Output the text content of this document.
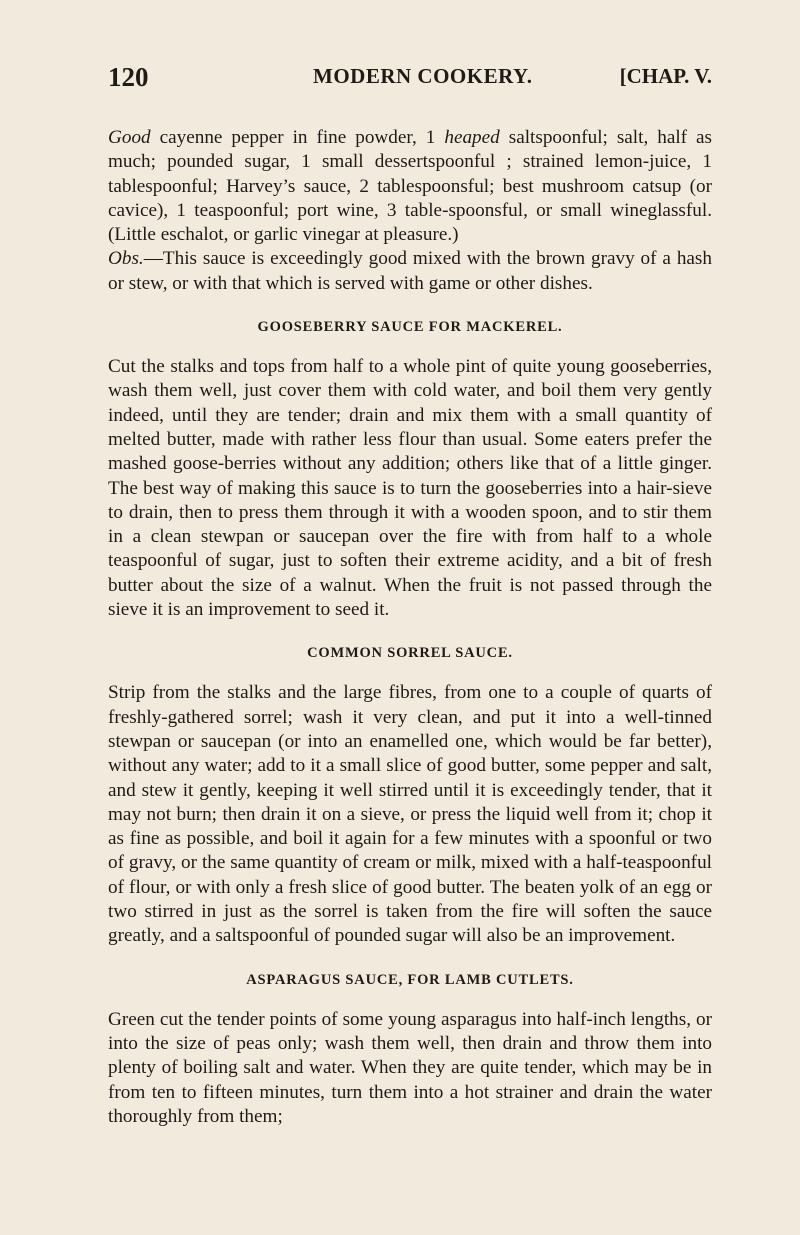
120	MODERN COOKERY.	[CHAP. V.

Good cayenne pepper in fine powder, 1 heaped saltspoonful; salt, half as much; pounded sugar, 1 small dessertspoonful ; strained lemon-juice, 1 tablespoonful; Harvey’s sauce, 2 tablespoonsful; best mushroom catsup (or cavice), 1 teaspoonful; port wine, 3 table-spoonsful, or small wineglassful. (Little eschalot, or garlic vinegar at pleasure.)

Obs.—This sauce is exceedingly good mixed with the brown gravy of a hash or stew, or with that which is served with game or other dishes.

GOOSEBERRY SAUCE FOR MACKEREL.

Cut the stalks and tops from half to a whole pint of quite young gooseberries, wash them well, just cover them with cold water, and boil them very gently indeed, until they are tender; drain and mix them with a small quantity of melted butter, made with rather less flour than usual. Some eaters prefer the mashed goose-berries without any addition; others like that of a little ginger. The best way of making this sauce is to turn the gooseberries into a hair-sieve to drain, then to press them through it with a wooden spoon, and to stir them in a clean stewpan or saucepan over the fire with from half to a whole teaspoonful of sugar, just to soften their extreme acidity, and a bit of fresh butter about the size of a walnut. When the fruit is not passed through the sieve it is an improvement to seed it.

COMMON SORREL SAUCE.

Strip from the stalks and the large fibres, from one to a couple of quarts of freshly-gathered sorrel; wash it very clean, and put it into a well-tinned stewpan or saucepan (or into an enamelled one, which would be far better), without any water; add to it a small slice of good butter, some pepper and salt, and stew it gently, keeping it well stirred until it is exceedingly tender, that it may not burn; then drain it on a sieve, or press the liquid well from it; chop it as fine as possible, and boil it again for a few minutes with a spoonful or two of gravy, or the same quantity of cream or milk, mixed with a half-teaspoonful of flour, or with only a fresh slice of good butter. The beaten yolk of an egg or two stirred in just as the sorrel is taken from the fire will soften the sauce greatly, and a saltspoonful of pounded sugar will also be an improvement.

ASPARAGUS SAUCE, FOR LAMB CUTLETS.

Green cut the tender points of some young asparagus into half-inch lengths, or into the size of peas only; wash them well, then drain and throw them into plenty of boiling salt and water. When they are quite tender, which may be in from ten to fifteen minutes, turn them into a hot strainer and drain the water thoroughly from them;
